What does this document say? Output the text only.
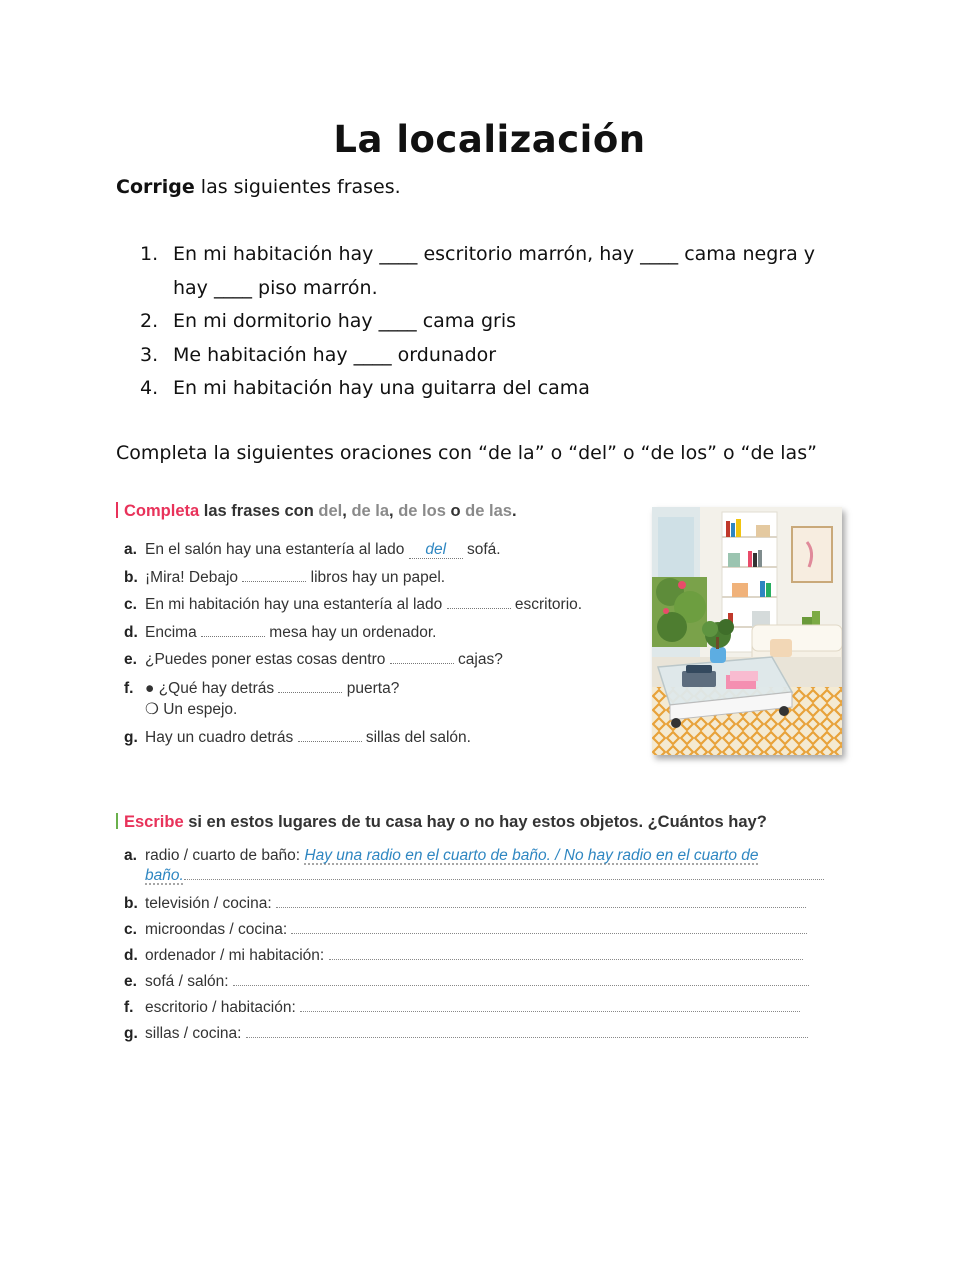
La localización
Corrige las siguientes frases.
1. En mi habitación hay ____ escritorio marrón, hay ____ cama negra y
hay ____ piso marrón.
2. En mi dormitorio hay ____ cama gris
3. Me habitación hay ____ ordunador
4. En mi habitación hay una guitarra del cama
Completa la siguientes oraciones con “de la” o “del” o “de los” o “de las”
Completa las frases con del, de la, de los o de las.
a. En el salón hay una estantería al lado del sofá.
b. ¡Mira! Debajo	libros hay un papel.
c. En mi habitación hay una estantería al lado	escritorio.
d. Encima	mesa hay un ordenador.
e. ¿Puedes poner estas cosas dentro	cajas?
f. ● ¿Qué hay detrás	puerta?
❍ Un espejo.
g. Hay un cuadro detrás	sillas del salón.
Escribe si en estos lugares de tu casa hay o no hay estos objetos. ¿Cuántos hay?
a. radio / cuarto de baño: Hay una radio en el cuarto de baño. / No hay radio en el cuarto de
baño.
b. televisión / cocina:
c. microondas / cocina:
d. ordenador / mi habitación:
e. sofá / salón:
f. escritorio / habitación:
g. sillas / cocina:
